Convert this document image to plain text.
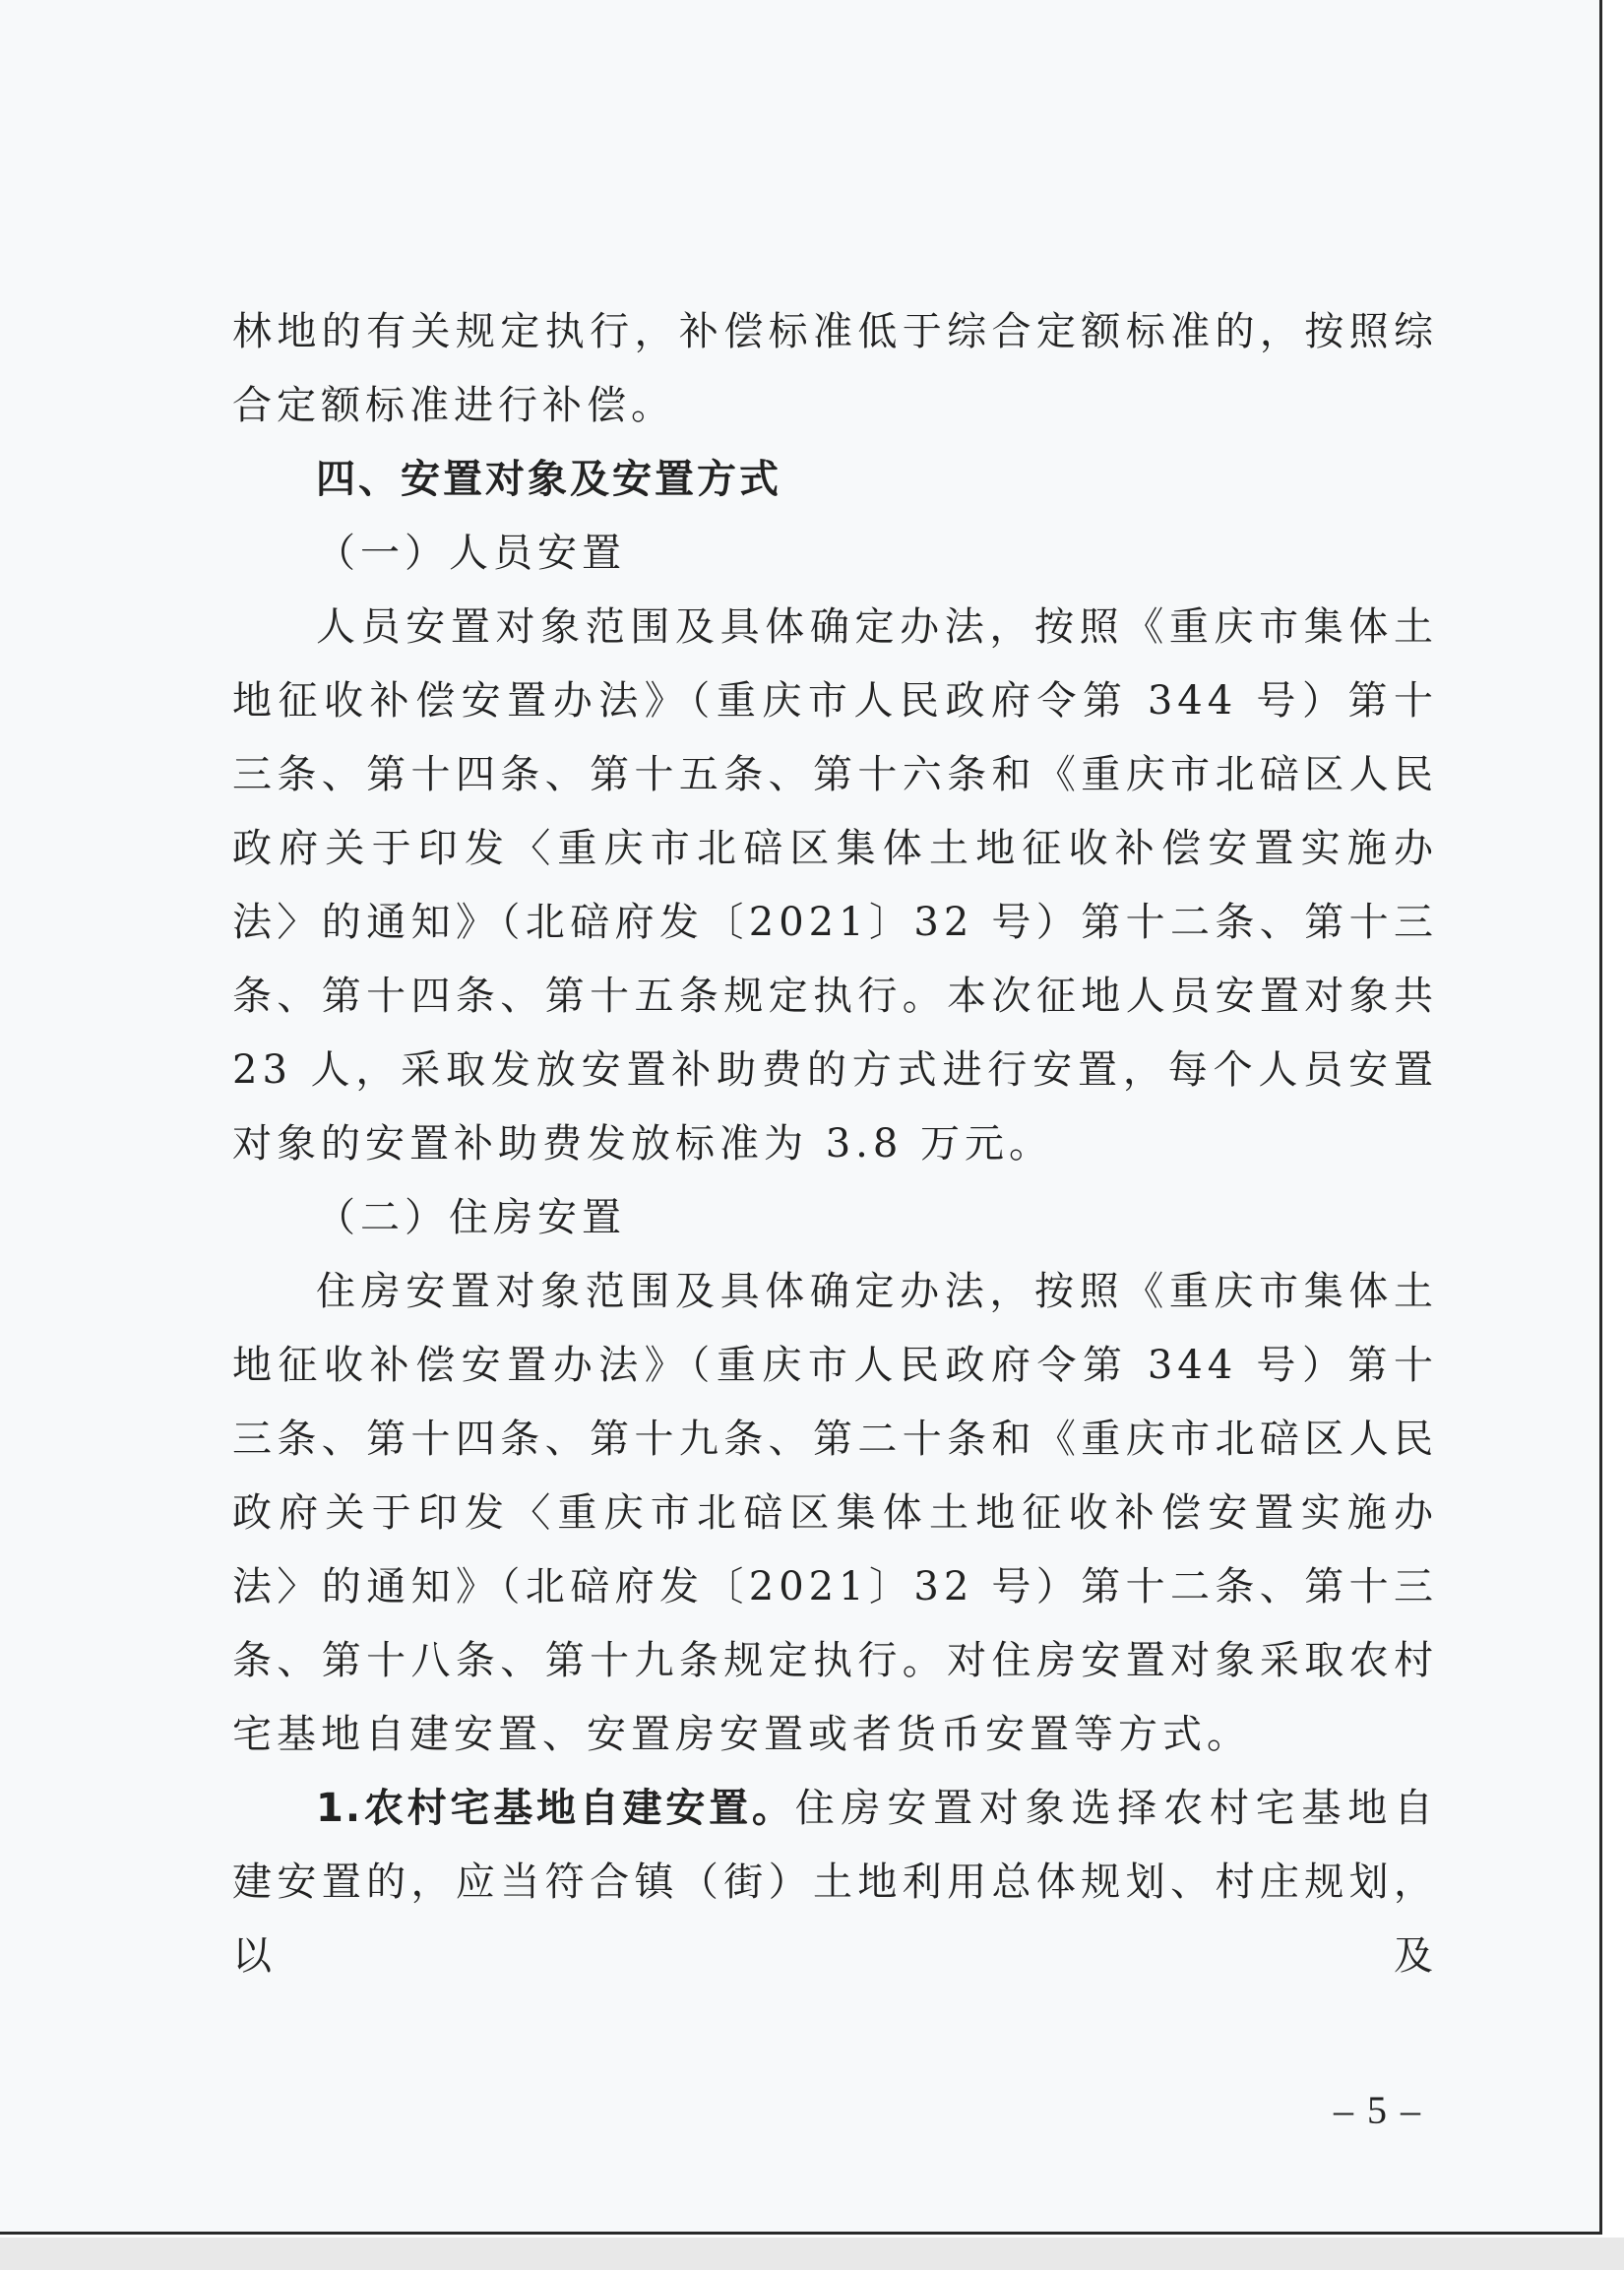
林地的有关规定执行，补偿标准低于综合定额标准的，按照综合定额标准进行补偿。

四、安置对象及安置方式

（一）人员安置

人员安置对象范围及具体确定办法，按照《重庆市集体土地征收补偿安置办法》（重庆市人民政府令第 344 号）第十三条、第十四条、第十五条、第十六条和《重庆市北碚区人民政府关于印发〈重庆市北碚区集体土地征收补偿安置实施办法〉的通知》（北碚府发〔2021〕32 号）第十二条、第十三条、第十四条、第十五条规定执行。本次征地人员安置对象共 23 人，采取发放安置补助费的方式进行安置，每个人员安置对象的安置补助费发放标准为 3.8 万元。

（二）住房安置

住房安置对象范围及具体确定办法，按照《重庆市集体土地征收补偿安置办法》（重庆市人民政府令第 344 号）第十三条、第十四条、第十九条、第二十条和《重庆市北碚区人民政府关于印发〈重庆市北碚区集体土地征收补偿安置实施办法〉的通知》（北碚府发〔2021〕32 号）第十二条、第十三条、第十八条、第十九条规定执行。对住房安置对象采取农村宅基地自建安置、安置房安置或者货币安置等方式。

1.农村宅基地自建安置。住房安置对象选择农村宅基地自建安置的，应当符合镇（街）土地利用总体规划、村庄规划，以及

– 5 –
